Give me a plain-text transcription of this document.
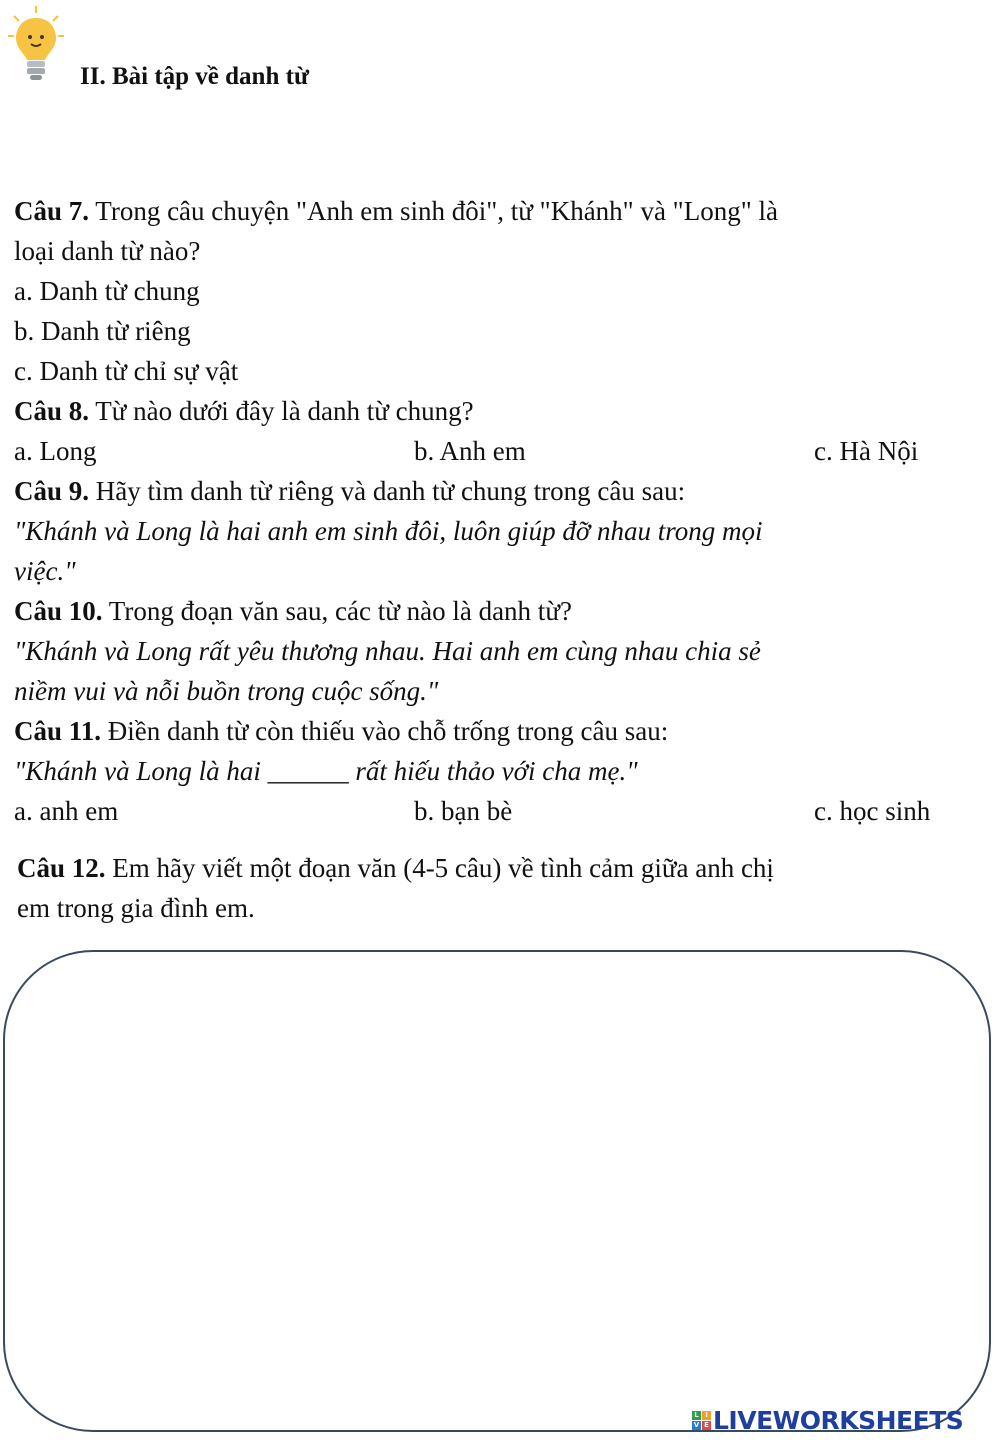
II. Bài tập về danh từ
Câu 7. Trong câu chuyện "Anh em sinh đôi", từ "Khánh" và "Long" là
loại danh từ nào?
a. Danh từ chung
b. Danh từ riêng
c. Danh từ chỉ sự vật
Câu 8. Từ nào dưới đây là danh từ chung?
a. Long	b. Anh em	c. Hà Nội
Câu 9. Hãy tìm danh từ riêng và danh từ chung trong câu sau:
"Khánh và Long là hai anh em sinh đôi, luôn giúp đỡ nhau trong mọi
việc."
Câu 10. Trong đoạn văn sau, các từ nào là danh từ?
"Khánh và Long rất yêu thương nhau. Hai anh em cùng nhau chia sẻ
niềm vui và nỗi buồn trong cuộc sống."
Câu 11. Điền danh từ còn thiếu vào chỗ trống trong câu sau:
"Khánh và Long là hai ______ rất hiếu thảo với cha mẹ."
a. anh em	b. bạn bè	c. học sinh
Câu 12. Em hãy viết một đoạn văn (4-5 câu) về tình cảm giữa anh chị
em trong gia đình em.
L I
V E LIVEWORKSHEETS
